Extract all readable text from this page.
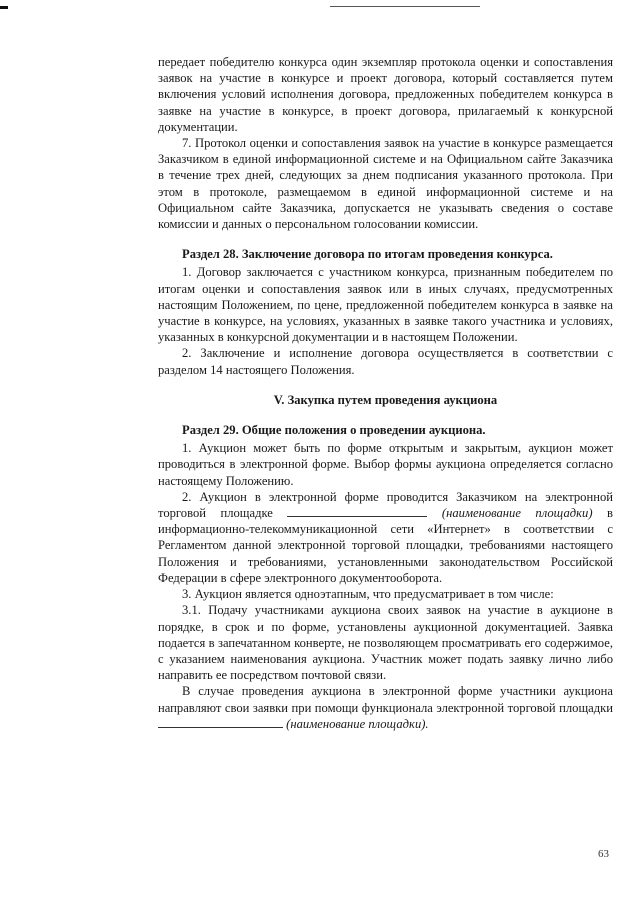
передает победителю конкурса один экземпляр протокола оценки и сопоставления заявок на участие в конкурсе и проект договора, который составляется путем включения условий исполнения договора, предложенных победителем конкурса в заявке на участие в конкурсе, в проект договора, прилагаемый к конкурсной документации.

7. Протокол оценки и сопоставления заявок на участие в конкурсе размещается Заказчиком в единой информационной системе и на Официальном сайте Заказчика в течение трех дней, следующих за днем подписания указанного протокола. При этом в протоколе, размещаемом в единой информационной системе и на Официальном сайте Заказчика, допускается не указывать сведения о составе комиссии и данных о персональном голосовании комиссии.

Раздел 28. Заключение договора по итогам проведения конкурса.

1. Договор заключается с участником конкурса, признанным победителем по итогам оценки и сопоставления заявок или в иных случаях, предусмотренных настоящим Положением, по цене, предложенной победителем конкурса в заявке на участие в конкурсе, на условиях, указанных в заявке такого участника и условиях, указанных в конкурсной документации и в настоящем Положении.

2. Заключение и исполнение договора осуществляется в соответствии с разделом 14 настоящего Положения.

V. Закупка путем проведения аукциона

Раздел 29. Общие положения о проведении аукциона.

1. Аукцион может быть по форме открытым и закрытым, аукцион может проводиться в электронной форме. Выбор формы аукциона определяется согласно настоящему Положению.

2. Аукцион в электронной форме проводится Заказчиком на электронной торговой площадке	(наименование площадки) в информационно-телекоммуникационной сети «Интернет» в соответствии с Регламентом данной электронной торговой площадки, требованиями настоящего Положения и требованиями, установленными законодательством Российской Федерации в сфере электронного документооборота.

3. Аукцион является одноэтапным, что предусматривает в том числе:

3.1. Подачу участниками аукциона своих заявок на участие в аукционе в порядке, в срок и по форме, установлены аукционной документацией. Заявка подается в запечатанном конверте, не позволяющем просматривать его содержимое, с указанием наименования аукциона. Участник может подать заявку лично либо направить ее посредством почтовой связи.

В случае проведения аукциона в электронной форме участники аукциона направляют свои заявки при помощи функционала электронной торговой площадки  (наименование площадки).

63
